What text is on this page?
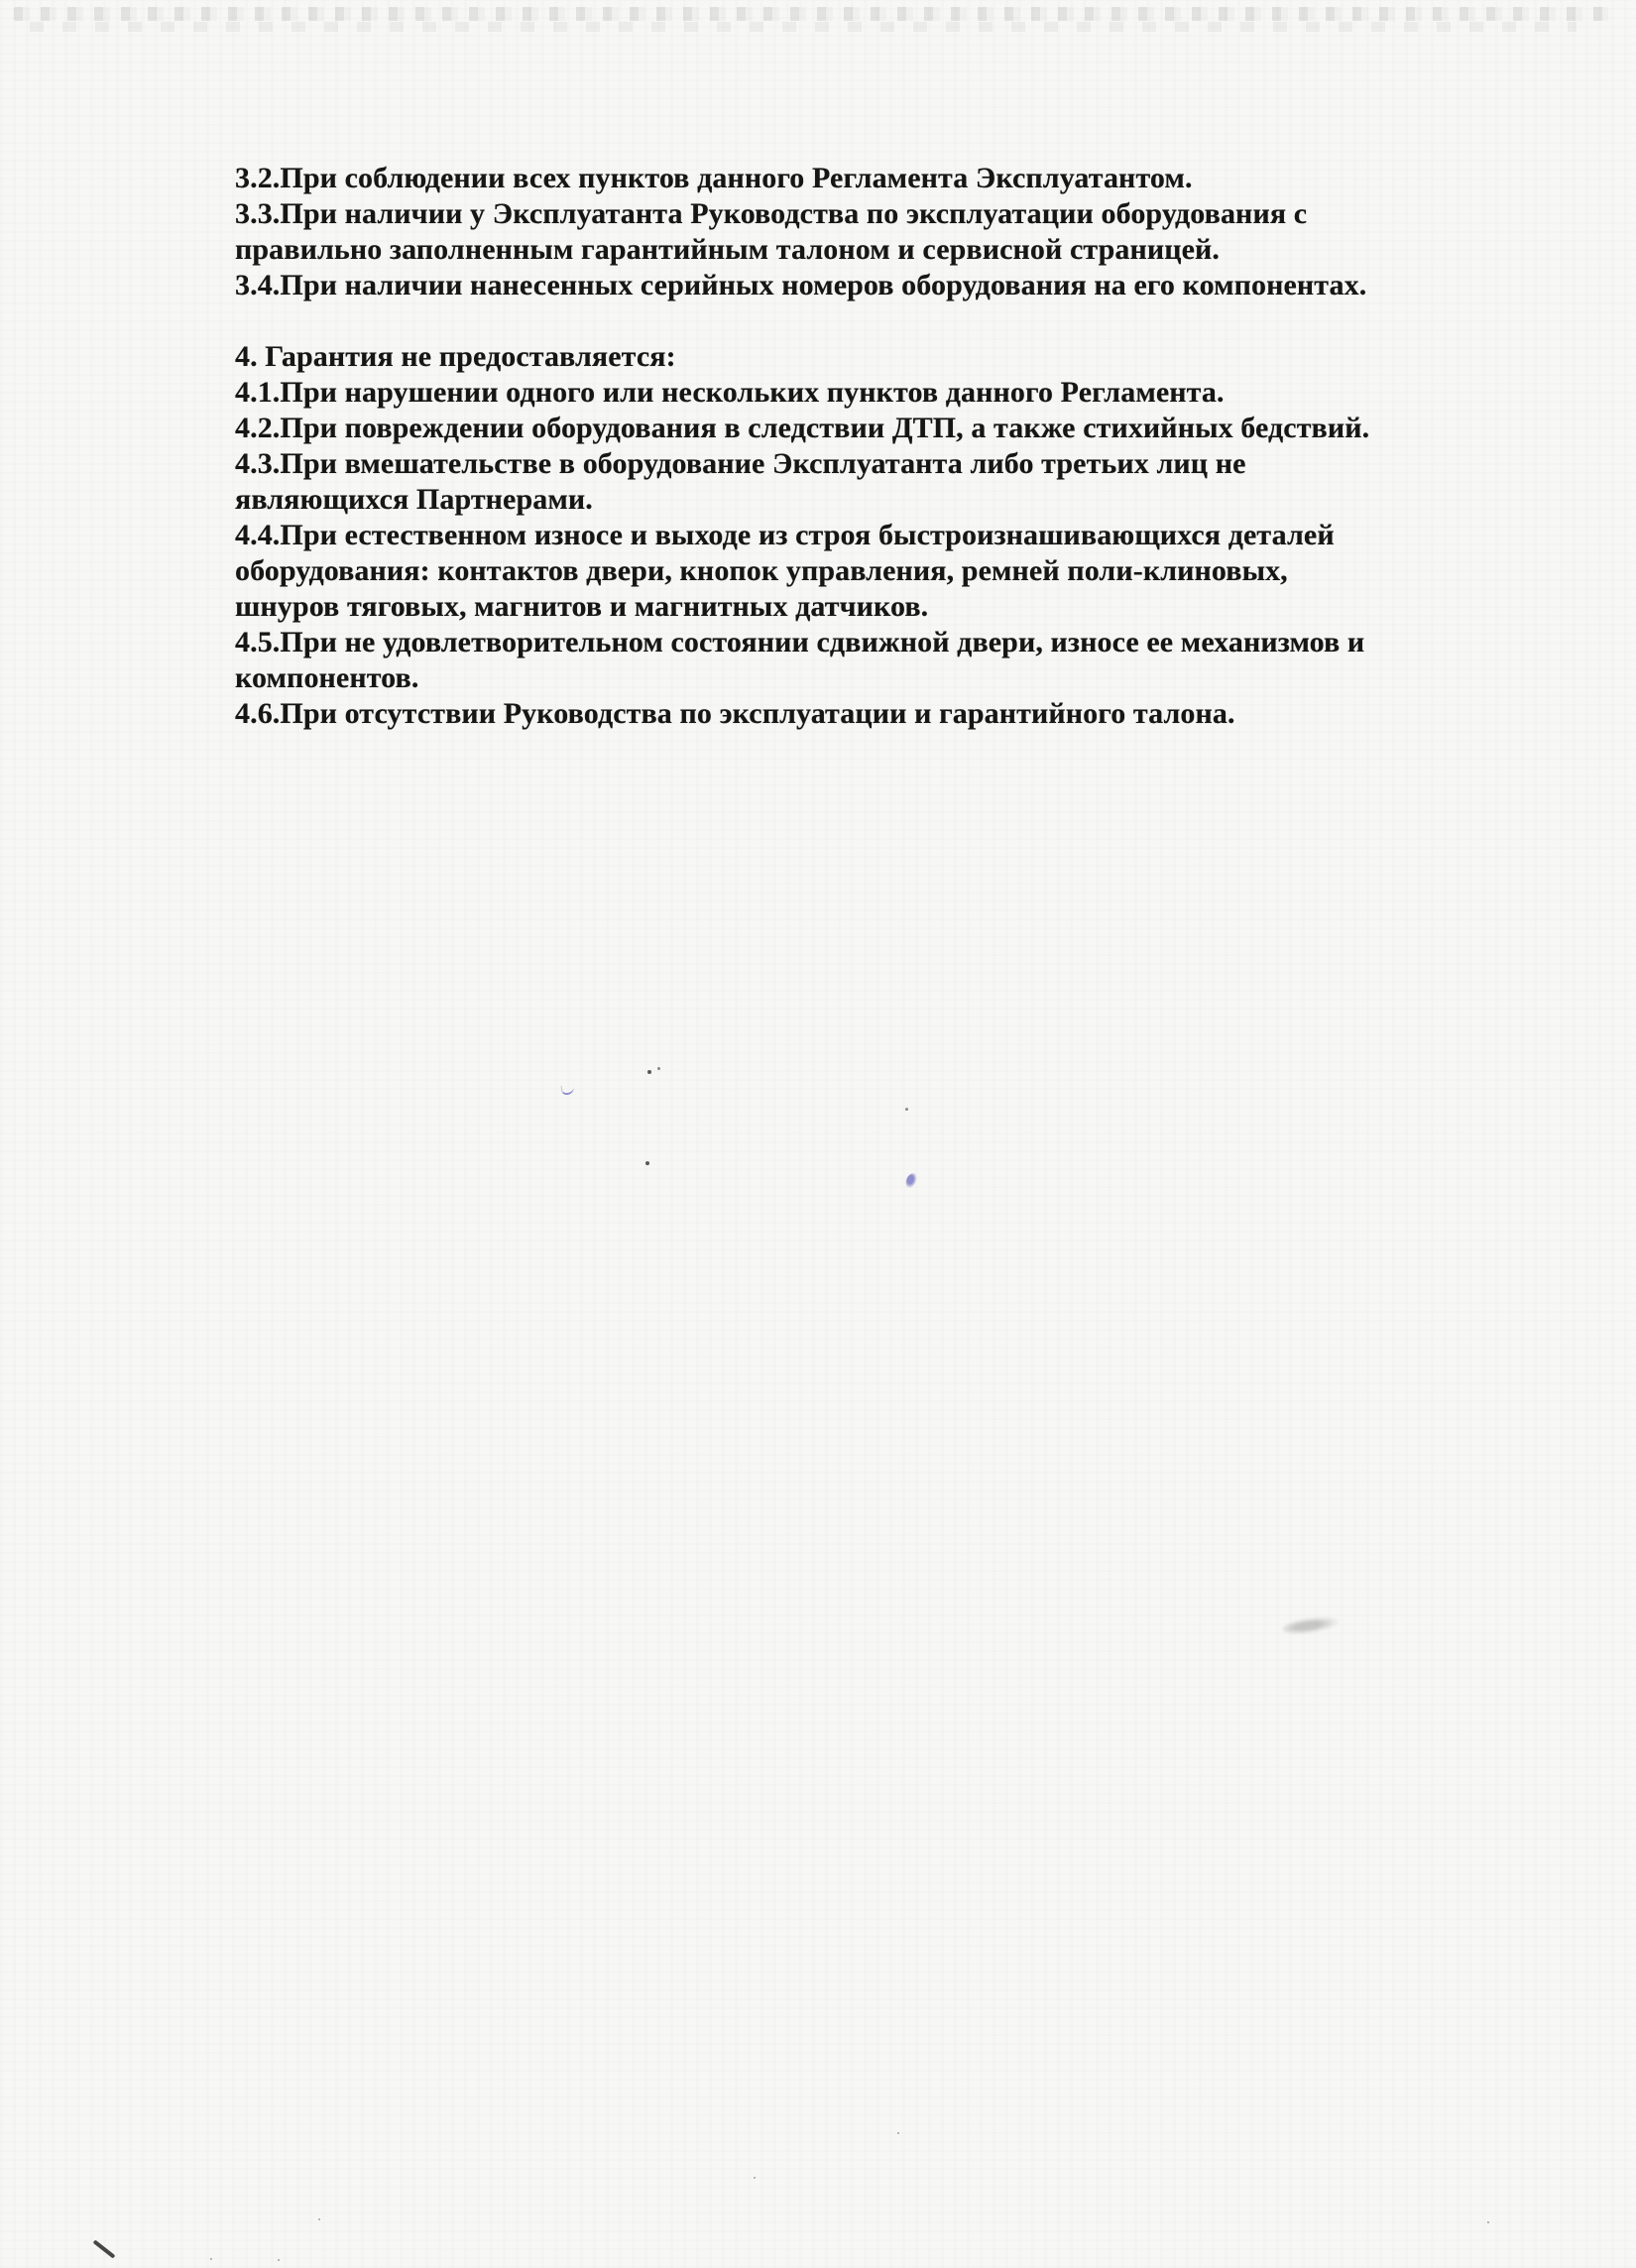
3.2.При соблюдении всех пунктов данного Регламента Эксплуатантом.
3.3.При наличии у Эксплуатанта Руководства по эксплуатации оборудования с
правильно заполненным гарантийным талоном и сервисной страницей.
3.4.При наличии нанесенных серийных номеров оборудования на его компонентах.
4. Гарантия не предоставляется:
4.1.При нарушении одного или нескольких пунктов данного Регламента.
4.2.При повреждении оборудования в следствии ДТП, а также стихийных бедствий.
4.3.При вмешательстве в оборудование Эксплуатанта либо третьих лиц не
являющихся Партнерами.
4.4.При естественном износе и выходе из строя быстроизнашивающихся деталей
оборудования: контактов двери, кнопок управления, ремней поли-клиновых,
шнуров тяговых, магнитов и магнитных датчиков.
4.5.При не удовлетворительном состоянии сдвижной двери, износе ее механизмов и
компонентов.
4.6.При отсутствии Руководства по эксплуатации и гарантийного талона.
